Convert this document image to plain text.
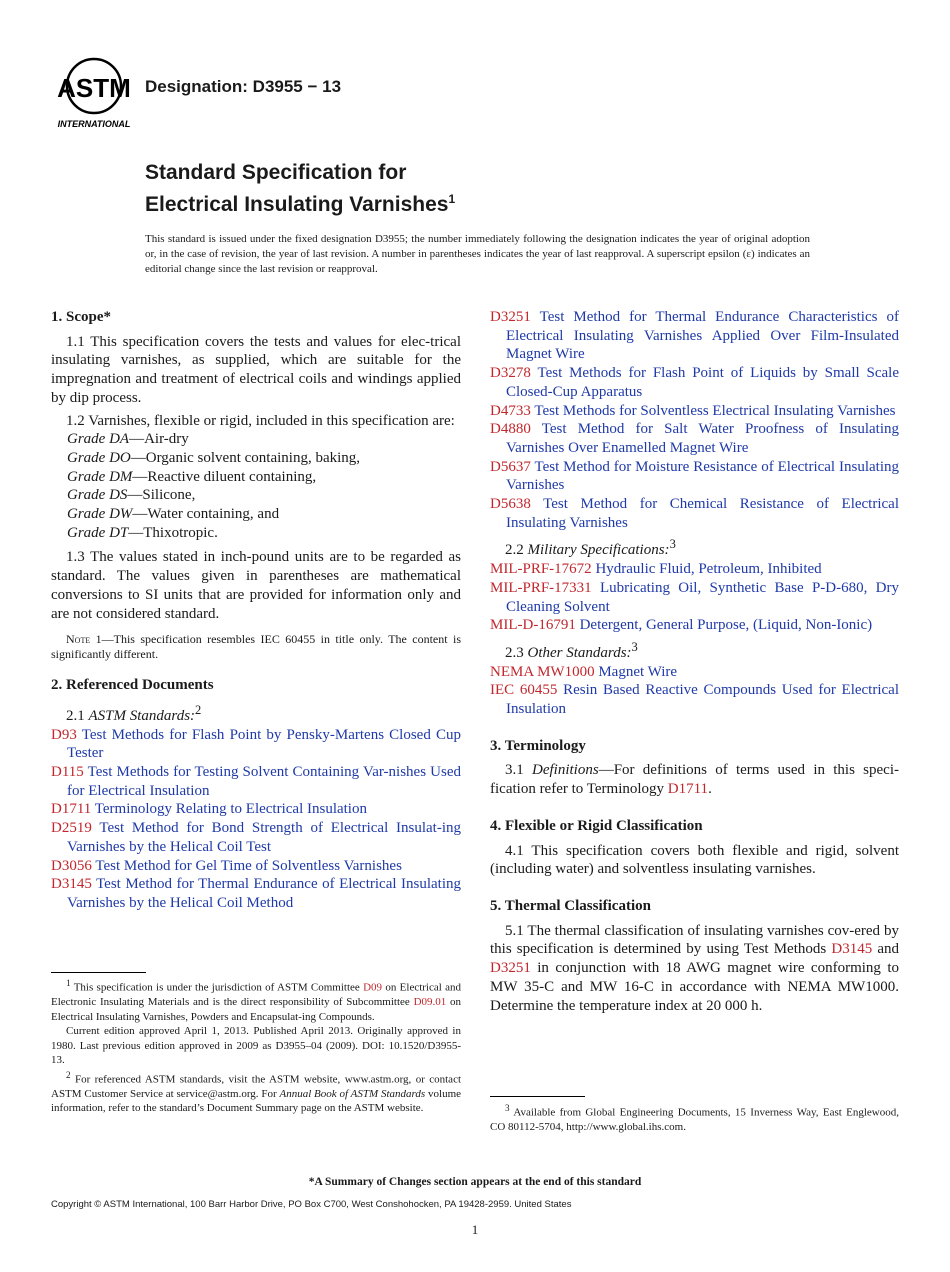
ASTM
INTERNATIONAL
Designation: D3955 − 13
Standard Specification for
Electrical Insulating Varnishes$^1$
This standard is issued under the fixed designation D3955; the number immediately following the designation indicates the year of original adoption or, in the case of revision, the year of last revision. A number in parentheses indicates the year of last reapproval. A superscript epsilon (ε) indicates an editorial change since the last revision or reapproval.
1. Scope*

1.1 This specification covers the tests and values for elec-trical insulating varnishes, as supplied, which are suitable for the impregnation and treatment of electrical coils and windings applied by dip process.

1.2 Varnishes, flexible or rigid, included in this specification are:

Grade DA—Air-dry
Grade DO—Organic solvent containing, baking,
Grade DM—Reactive diluent containing,
Grade DS—Silicone,
Grade DW—Water containing, and
Grade DT—Thixotropic.

1.3 The values stated in inch-pound units are to be regarded as standard. The values given in parentheses are mathematical conversions to SI units that are provided for information only and are not considered standard.

Note 1—This specification resembles IEC 60455 in title only. The content is significantly different.

2. Referenced Documents

2.1 ASTM Standards:$^2$

D93 Test Methods for Flash Point by Pensky-Martens Closed Cup Tester

D115 Test Methods for Testing Solvent Containing Var-nishes Used for Electrical Insulation

D1711 Terminology Relating to Electrical Insulation

D2519 Test Method for Bond Strength of Electrical Insulat-ing Varnishes by the Helical Coil Test

D3056 Test Method for Gel Time of Solventless Varnishes

D3145 Test Method for Thermal Endurance of Electrical Insulating Varnishes by the Helical Coil Method

D3251 Test Method for Thermal Endurance Characteristics of Electrical Insulating Varnishes Applied Over Film-Insulated Magnet Wire

D3278 Test Methods for Flash Point of Liquids by Small Scale Closed-Cup Apparatus

D4733 Test Methods for Solventless Electrical Insulating Varnishes

D4880 Test Method for Salt Water Proofness of Insulating Varnishes Over Enamelled Magnet Wire

D5637 Test Method for Moisture Resistance of Electrical Insulating Varnishes

D5638 Test Method for Chemical Resistance of Electrical Insulating Varnishes

2.2 Military Specifications:$^3$

MIL-PRF-17672 Hydraulic Fluid, Petroleum, Inhibited

MIL-PRF-17331 Lubricating Oil, Synthetic Base P-D-680, Dry Cleaning Solvent

MIL-D-16791 Detergent, General Purpose, (Liquid, Non-Ionic)

2.3 Other Standards:$^3$

NEMA MW1000 Magnet Wire

IEC 60455 Resin Based Reactive Compounds Used for Electrical Insulation

3. Terminology

3.1 Definitions—For definitions of terms used in this speci-fication refer to Terminology D1711.

4. Flexible or Rigid Classification

4.1 This specification covers both flexible and rigid, solvent (including water) and solventless insulating varnishes.

5. Thermal Classification

5.1 The thermal classification of insulating varnishes cov-ered by this specification is determined by using Test Methods D3145 and D3251 in conjunction with 18 AWG magnet wire conforming to MW 35-C and MW 16-C in accordance with NEMA MW1000. Determine the temperature index at 20 000 h.

$^1$ This specification is under the jurisdiction of ASTM Committee D09 on Electrical and Electronic Insulating Materials and is the direct responsibility of Subcommittee D09.01 on Electrical Insulating Varnishes, Powders and Encapsulat-ing Compounds.

Current edition approved April 1, 2013. Published April 2013. Originally approved in 1980. Last previous edition approved in 2009 as D3955–04 (2009). DOI: 10.1520/D3955-13.

$^2$ For referenced ASTM standards, visit the ASTM website, www.astm.org, or contact ASTM Customer Service at service@astm.org. For Annual Book of ASTM Standards volume information, refer to the standard’s Document Summary page on the ASTM website.	$^3$ Available from Global Engineering Documents, 15 Inverness Way, East Englewood, CO 80112-5704, http://www.global.ihs.com.

*A Summary of Changes section appears at the end of this standard
Copyright © ASTM International, 100 Barr Harbor Drive, PO Box C700, West Conshohocken, PA 19428-2959. United States
1
